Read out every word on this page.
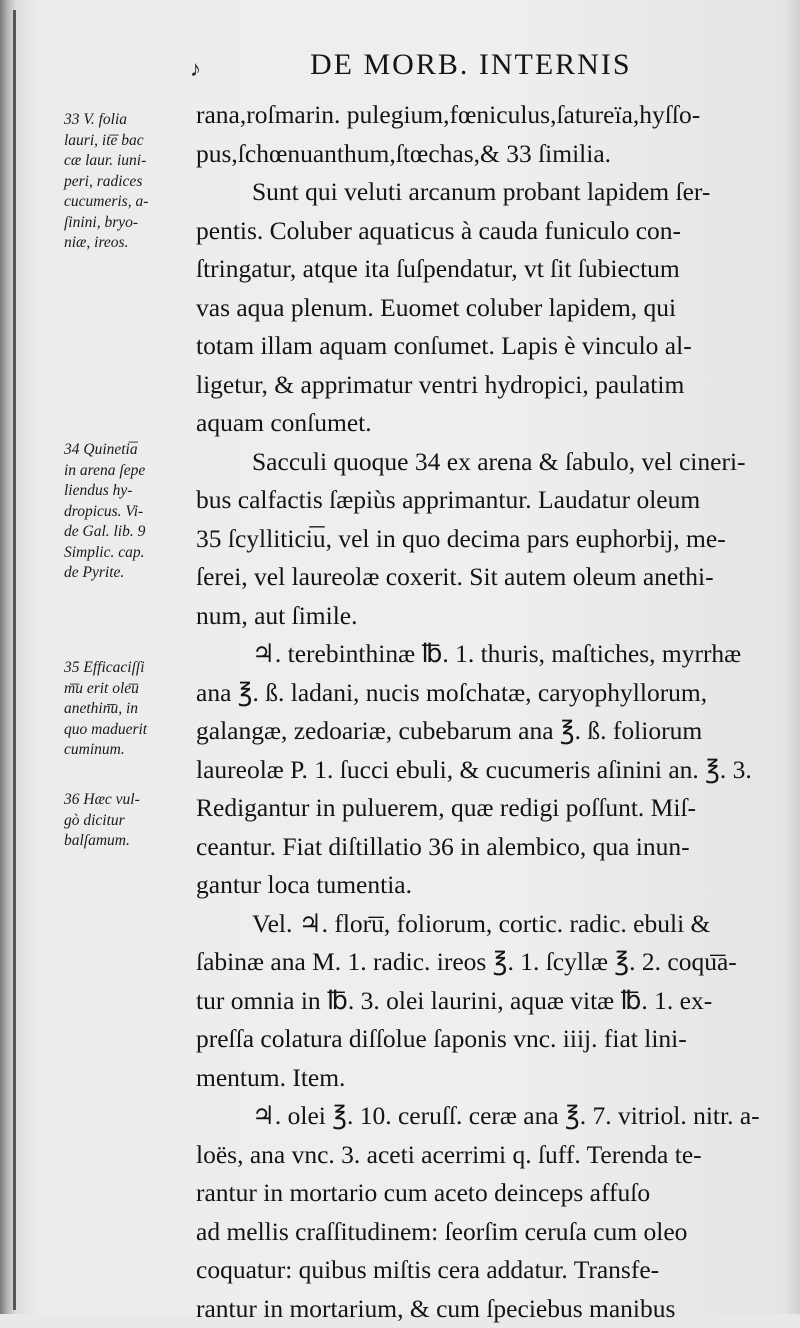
♪	DE MORB. INTERNIS
33 V. folia
lauri, it͞e bac
cæ laur. iuni-
peri, radices
cucumeris, a-
ſinini, bryo-
niæ, ireos.
34 Quineti͞a
in arena ſepe
liendus hy-
dropicus. Vi-
de Gal. lib. 9
Simplic. cap.
de Pyrite.
35 Efficaciſſi
m͞u erit ole͞u
anethin͞u, in
quo maduerit
cuminum.
36 Hæc vul-
gò dicitur
balſamum.
rana,roſmarin. pulegium,fœniculus,ſatureïa,hyſſo-
pus,ſchœnuanthum,ſtœchas,& 33 ſimilia.
Sunt qui veluti arcanum probant lapidem ſer-
pentis. Coluber aquaticus à cauda funiculo con-
ſtringatur, atque ita ſuſpendatur, vt ſit ſubiectum
vas aqua plenum. Euomet coluber lapidem, qui
totam illam aquam conſumet. Lapis è vinculo al-
ligetur, & apprimatur ventri hydropici, paulatim
aquam conſumet.
Sacculi quoque 34 ex arena & ſabulo, vel cineri-
bus calfactis ſæpiùs apprimantur. Laudatur oleum
35 ſcyllitici͞u, vel in quo decima pars euphorbij, me-
ſerei, vel laureolæ coxerit. Sit autem oleum anethi-
num, aut ſimile.
♃. terebinthinæ ℔. 1. thuris, maſtiches, myrrhæ
ana ℥. ß. ladani, nucis moſchatæ, caryophyllorum,
galangæ, zedoariæ, cubebarum ana ℥. ß. foliorum
laureolæ P. 1. ſucci ebuli, & cucumeris aſinini an. ℥. 3.
Redigantur in puluerem, quæ redigi poſſunt. Miſ-
ceantur. Fiat diſtillatio 36 in alembico, qua inun-
gantur loca tumentia.
Vel. ♃. flor͞u, foliorum, cortic. radic. ebuli &
ſabinæ ana M. 1. radic. ireos ℥. 1. ſcyllæ ℥. 2. coqu͞a-
tur omnia in ℔. 3. olei laurini, aquæ vitæ ℔. 1. ex-
preſſa colatura diſſolue ſaponis vnc. iiij. fiat lini-
mentum. Item.
♃. olei ℥. 10. ceruſſ. ceræ ana ℥. 7. vitriol. nitr. a-
loës, ana vnc. 3. aceti acerrimi q. ſuff. Terenda te-
rantur in mortario cum aceto deinceps affuſo
ad mellis craſſitudinem: ſeorſim ceruſa cum oleo
coquatur: quibus miſtis cera addatur. Transfe-
rantur in mortarium, & cum ſpeciebus manibus
